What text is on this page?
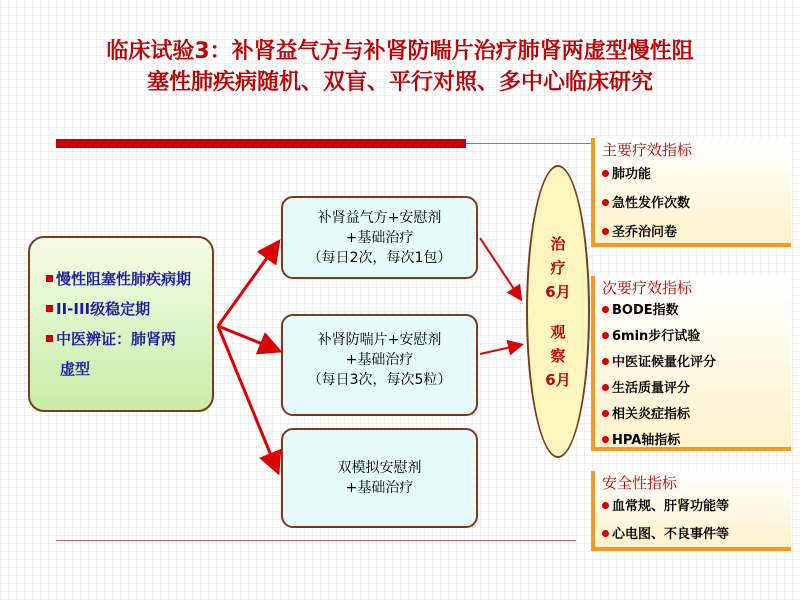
临床试验3：补肾益气方与补肾防喘片治疗肺肾两虚型慢性阻
塞性肺疾病随机、双盲、平行对照、多中心临床研究
慢性阻塞性肺疾病期
II-III级稳定期
中医辨证：肺肾两
虚型
补肾益气方+安慰剂
+基础治疗
（每日2次，每次1包）
补肾防喘片+安慰剂
+基础治疗
（每日3次，每次5粒）
双模拟安慰剂
+基础治疗
治
疗
6月
观
察
6月
主要疗效指标
肺功能
急性发作次数
圣乔治问卷
次要疗效指标
BODE指数
6min步行试验
中医证候量化评分
生活质量评分
相关炎症指标
HPA轴指标
安全性指标
血常规、肝肾功能等
心电图、不良事件等
